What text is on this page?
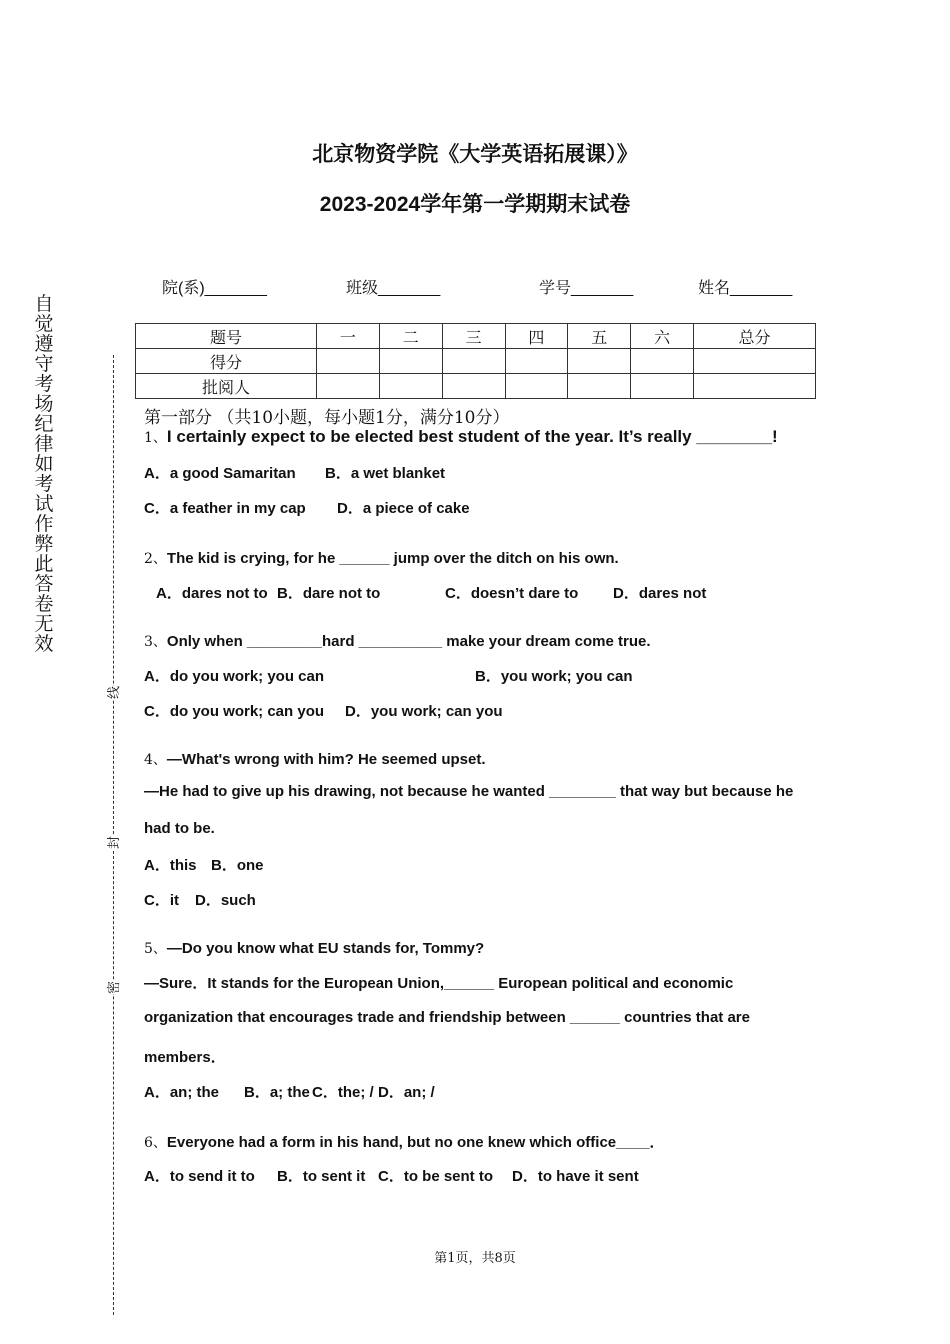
北京物资学院《大学英语拓展课）》
2023-2024学年第一学期期末试卷
院(系)_______	班级_______	学号_______	姓名_______
题号	一	二	三	四	五	六	总分
得分							
批阅人							
自觉遵守考场纪律如考试作弊此答卷无效
线
封
密
第一部分 （共10小题，每小题1分，满分10分）
1、I certainly expect to be elected best student of the year. It’s really ________!
A．a good Samaritan B．a wet blanket
C．a feather in my cap D．a piece of cake
2、The kid is crying, for he ______ jump over the ditch on his own.
A．dares not to B．dare not to	C．doesn’t dare to D．dares not
3、Only when _________hard __________ make your dream come true.
A．do you work; you can	B．you work; you can
C．do you work; can you D．you work; can you
4、—What's wrong with him? He seemed upset.
—He had to give up his drawing, not because he wanted ________ that way but because he
had to be.
A．this B．one
C．it D．such
5、—Do you know what EU stands for, Tommy?
—Sure．It stands for the European Union,______ European political and economic
organization that encourages trade and friendship between ______ countries that are
members．
A．an; the B．a; the C．the; / D．an; /
6、Everyone had a form in his hand, but no one knew which office____．
A．to send it to B．to sent it C．to be sent to D．to have it sent
第1页，共8页
